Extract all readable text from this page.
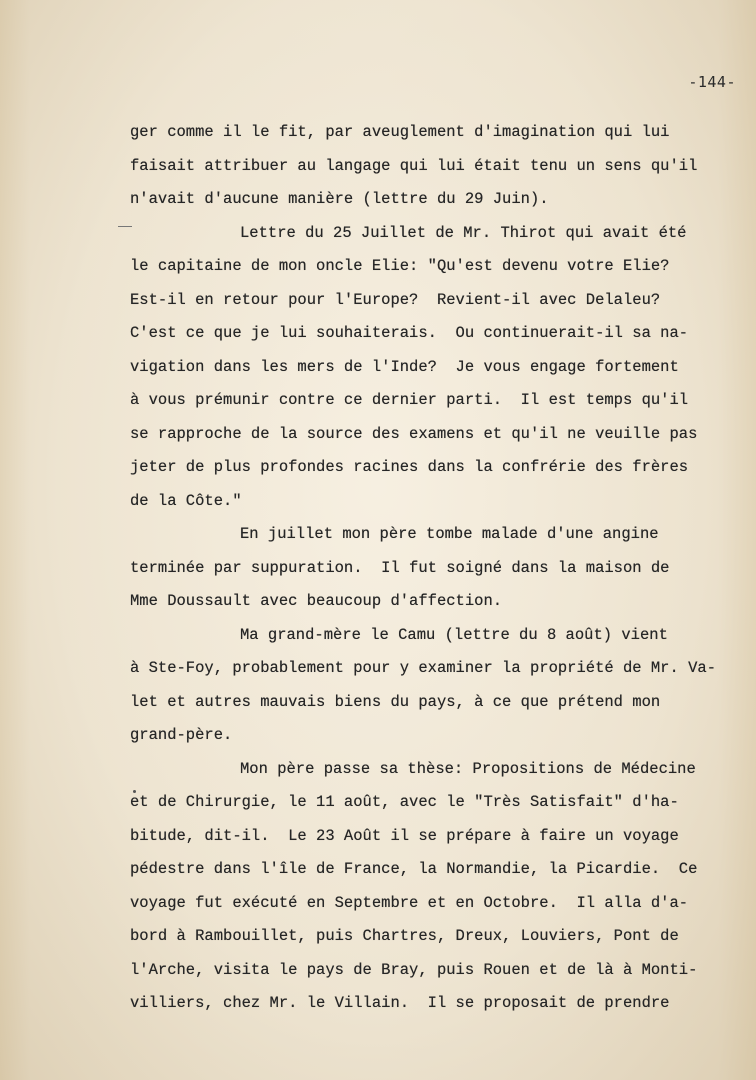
-144-
ger comme il le fit, par aveuglement d'imagination qui lui
faisait attribuer au langage qui lui était tenu un sens qu'il
n'avait d'aucune manière (lettre du 29 Juin).
Lettre du 25 Juillet de Mr. Thirot qui avait été
le capitaine de mon oncle Elie: "Qu'est devenu votre Elie?
Est-il en retour pour l'Europe?  Revient-il avec Delaleu?
C'est ce que je lui souhaiterais.  Ou continuerait-il sa na-
vigation dans les mers de l'Inde?  Je vous engage fortement
à vous prémunir contre ce dernier parti.  Il est temps qu'il
se rapproche de la source des examens et qu'il ne veuille pas
jeter de plus profondes racines dans la confrérie des frères
de la Côte."
En juillet mon père tombe malade d'une angine
terminée par suppuration.  Il fut soigné dans la maison de
Mme Doussault avec beaucoup d'affection.
Ma grand-mère le Camu (lettre du 8 août) vient
à Ste-Foy, probablement pour y examiner la propriété de Mr. Va-
let et autres mauvais biens du pays, à ce que prétend mon
grand-père.
Mon père passe sa thèse: Propositions de Médecine
et de Chirurgie, le 11 août, avec le "Très Satisfait" d'ha-
bitude, dit-il.  Le 23 Août il se prépare à faire un voyage
pédestre dans l'île de France, la Normandie, la Picardie.  Ce
voyage fut exécuté en Septembre et en Octobre.  Il alla d'a-
bord à Rambouillet, puis Chartres, Dreux, Louviers, Pont de
l'Arche, visita le pays de Bray, puis Rouen et de là à Monti-
villiers, chez Mr. le Villain.  Il se proposait de prendre
